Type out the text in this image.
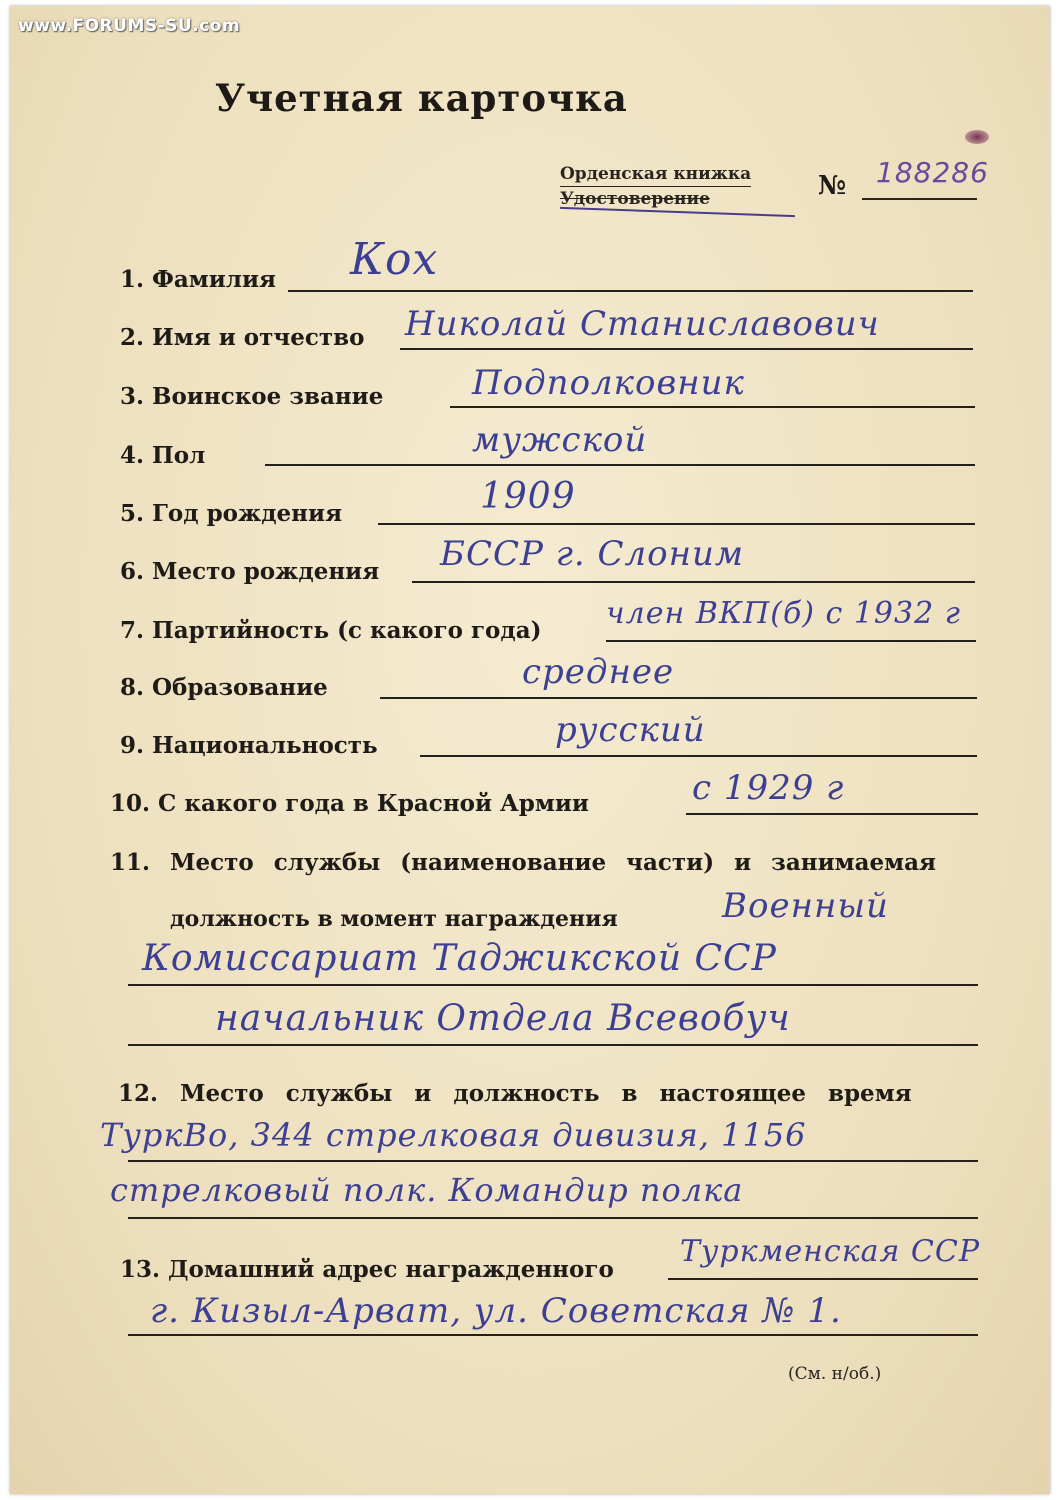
www.FORUMS-SU.com
Учетная карточка
Орденская книжка
Удостоверение	№ 188286
1. Фамилия Кох
2. Имя и отчество Николай Станиславович
3. Воинское звание	Подполковник
4. Пол	мужской
5. Год рождения	1909
6. Место рождения БССР г. Слоним
7. Партийность (с какого года) член ВКП(б) с 1932 г
8. Образование	среднее
9. Национальность	русский
10. С какого года в Красной Армии	с 1929 г
11. Место службы (наименование части) и занимаемая
должность в момент награждения	Военный
Комиссариат Таджикской ССР
начальник Отдела Всевобуч
12. Место службы и должность в настоящее время
ТуркВо, 344 стрелковая дивизия, 1156
стрелковый полк. Командир полка
13. Домашний адрес награжденного
Туркменская ССР
г. Кизыл-Арват, ул. Советская № 1.
(См. н/об.)
